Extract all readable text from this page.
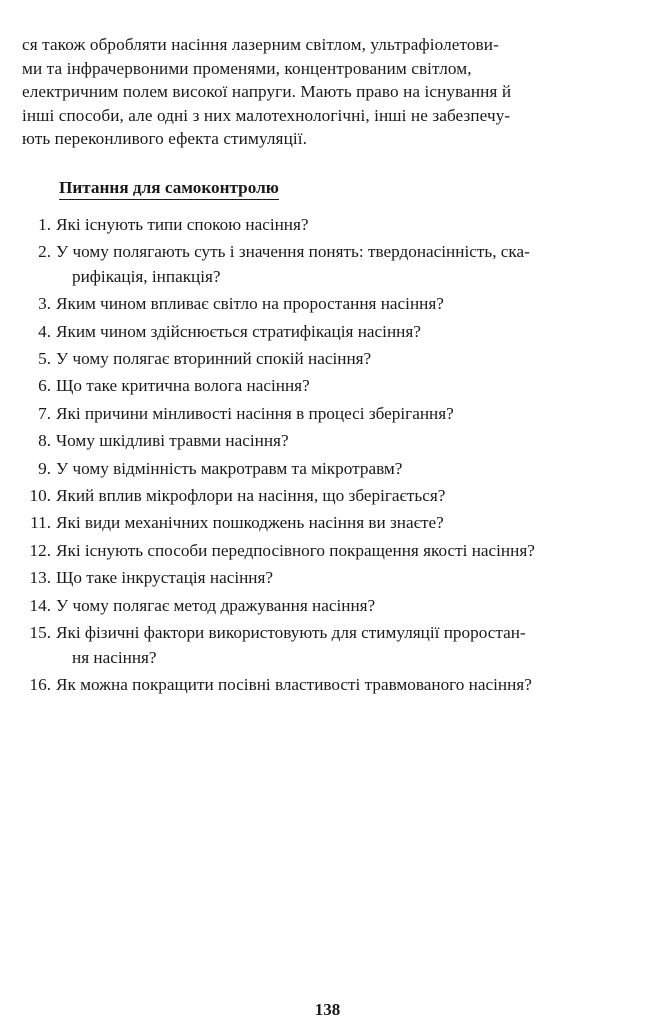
ся також обробляти насіння лазерним світлом, ультрафіолетови-
ми та інфрачервоними променями, концентрованим світлом,
електричним полем високої напруги. Мають право на існування й
інші способи, але одні з них малотехнологічні, інші не забезпечу-
ють переконливого ефекта стимуляції.
Питання для самоконтролю
1. Які існують типи спокою насіння?
2. У чому полягають суть і значення понять: твердонасінність, ска-
рифікація, інпакція?
3. Яким чином впливає світло на проростання насіння?
4. Яким чином здійснюється стратифікація насіння?
5. У чому полягає вторинний спокій насіння?
6. Що таке критична волога насіння?
7. Які причини мінливості насіння в процесі зберігання?
8. Чому шкідливі травми насіння?
9. У чому відмінність макротравм та мікротравм?
10. Який вплив мікрофлори на насіння, що зберігається?
11. Які види механічних пошкоджень насіння ви знаєте?
12. Які існують способи передпосівного покращення якості насіння?
13. Що таке інкрустація насіння?
14. У чому полягає метод дражування насіння?
15. Які фізичні фактори використовують для стимуляції проростан-
ня насіння?
16. Як можна покращити посівні властивості травмованого насіння?
138
